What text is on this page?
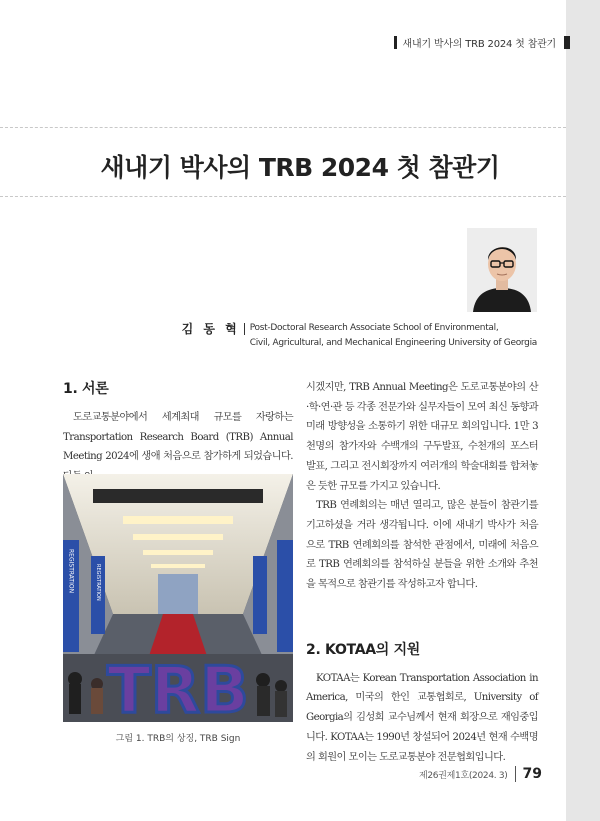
새내기 박사의 TRB 2024 첫 참관기
새내기 박사의 TRB 2024 첫 참관기
김 동 혁 Post-Doctoral Research Associate School of Environmental,
Civil, Agricultural, and Mechanical Engineering University of Georgia
1. 서론

도로교통분야에서 세계최대 규모를 자랑하는 Transportation Research Board (TRB) Annual Meeting 2024에 생애 처음으로 참가하게 되었습니다.

REGISTRATION	REGISTRATION
TRB
그림 1. TRB의 상징, TRB Sign

시겠지만, TRB Annual Meeting은 도로교통분야의 산·학·연·관 등 각종 전문가와 실무자들이 모여 최신 동향과 미래 방향성을 소통하기 위한 대규모 회의입니다. 1만 3천명의 참가자와 수백개의 구두발표, 수천개의 포스터 발표, 그리고 전시회장까지 여러개의 학술대회를 합쳐놓은 듯한 규모를 가지고 있습니다.

TRB 연례회의는 매년 열리고, 많은 분들이 참관기를 기고하셨을 거라 생각됩니다. 이에 새내기 박사가 처음으로 TRB 연례회의를 참석한 관점에서, 미래에 처음으로 TRB 연례회의를 참석하실 분들을 위한 소개와 추천을 목적으로 참관기를 작성하고자 합니다.

2. KOTAA의 지원

KOTAA는 Korean Transportation Association in America, 미국의 한인 교통협회로, University of Georgia의 김성희 교수님께서 현재 회장으로 재임중입니다. KOTAA는 1990년 창설되어 2024년 현재 수백명의 회원이 모이는 도로교통분야 전문협회입니다.

제26권제1호(2024. 3) 79
